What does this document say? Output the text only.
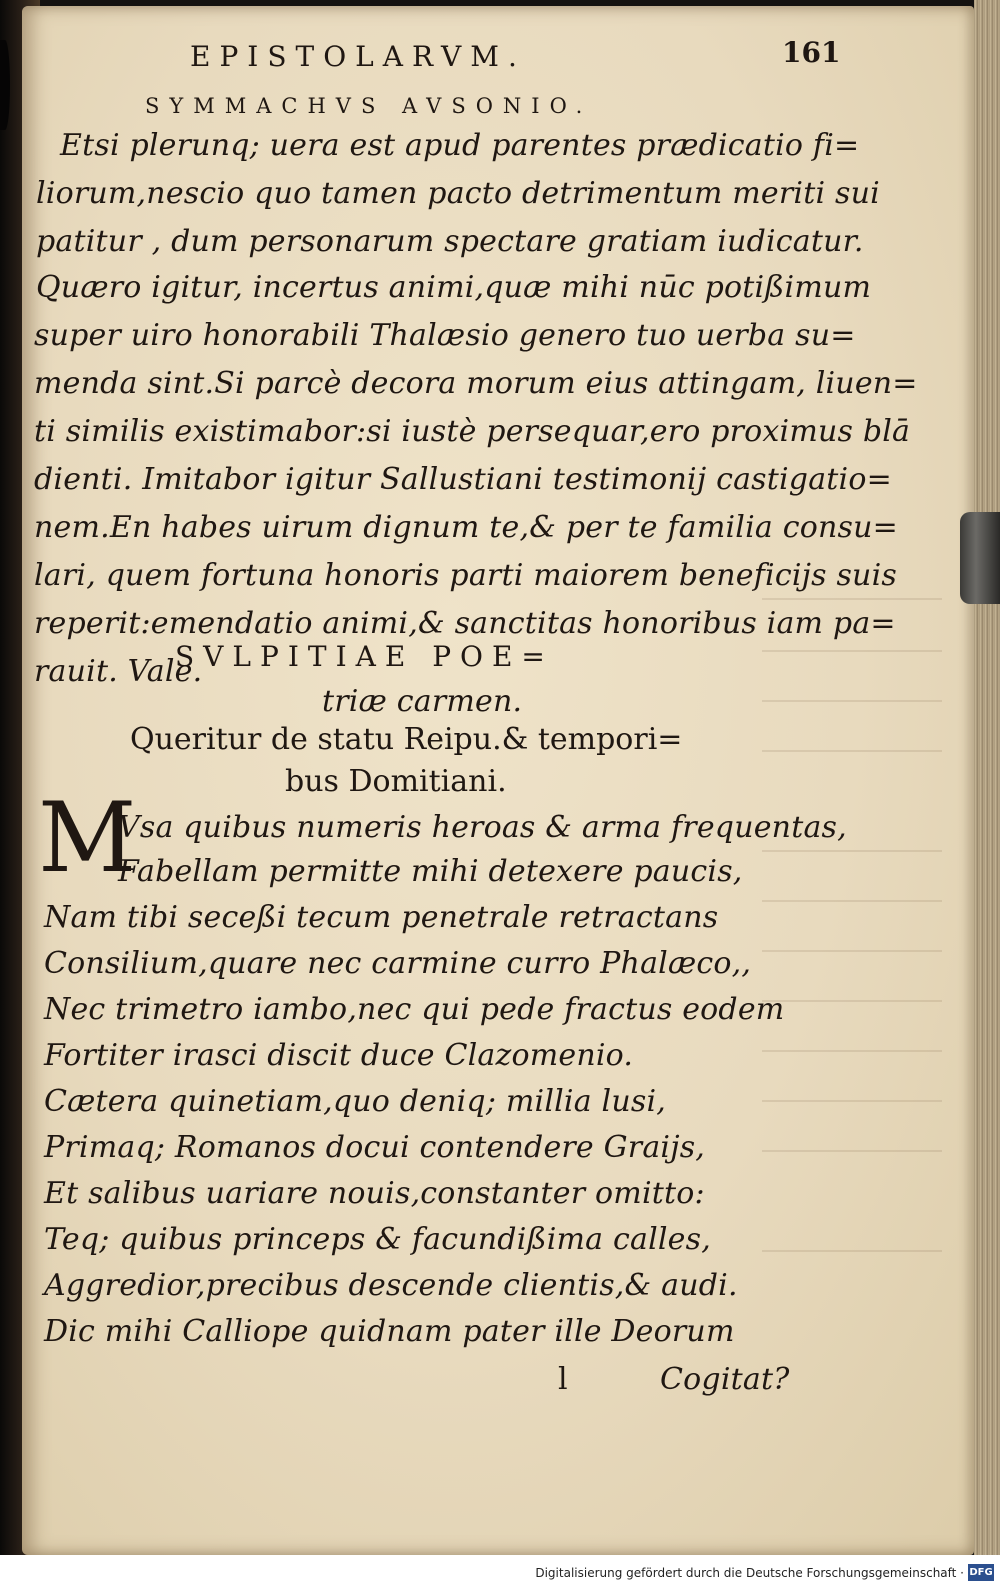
EPISTOLARVM.	161
SYMMACHVS AVSONIO.
Etsi plerunq; uera est apud parentes prædicatio fi=
liorum,nescio quo tamen pacto detrimentum meriti sui
patitur , dum personarum spectare gratiam iudicatur.
Quæro igitur, incertus animi,quæ mihi nūc potißimum
super uiro honorabili Thalæsio genero tuo uerba su=
menda sint.Si parcè decora morum eius attingam, liuen=
ti similis existimabor:si iustè persequar,ero proximus blā
dienti. Imitabor igitur Sallustiani testimonij castigatio=
nem.En habes uirum dignum te,& per te familia consu=
lari, quem fortuna honoris parti maiorem beneficijs suis
reperit:emendatio animi,& sanctitas honoribus iam pa=
rauit. Vale.
SVLPITIAE POE=
triæ carmen.
Queritur de statu Reipu.& tempori=
bus Domitiani.
M
Vsa quibus numeris heroas & arma frequentas,
Fabellam permitte mihi detexere paucis,
Nam tibi seceßi tecum penetrale retractans
Consilium,quare nec carmine curro Phalæco,,
Nec trimetro iambo,nec qui pede fractus eodem
Fortiter irasci discit duce Clazomenio.
Cætera quinetiam,quo deniq; millia lusi,
Primaq; Romanos docui contendere Graijs,
Et salibus uariare nouis,constanter omitto:
Teq; quibus princeps & facundißima calles,
Aggredior,precibus descende clientis,& audi.
Dic mihi Calliope quidnam pater ille Deorum
l	Cogitat?
Digitalisierung gefördert durch die Deutsche Forschungsgemeinschaft · DFG
